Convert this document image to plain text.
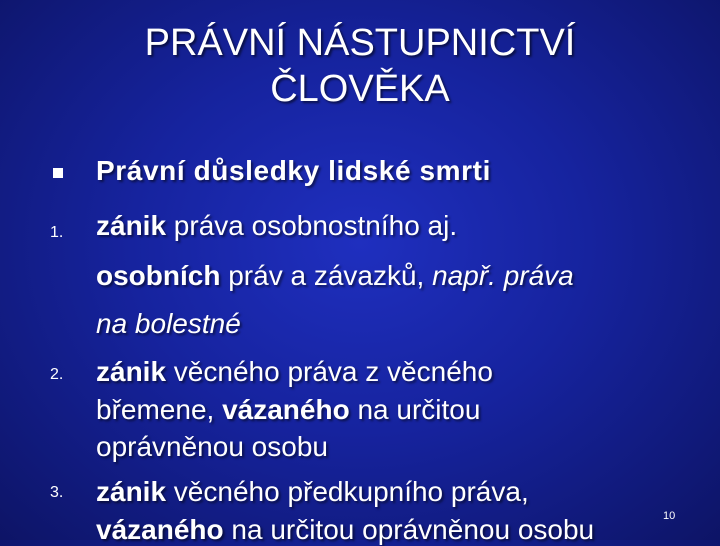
PRÁVNÍ NÁSTUPNICTVÍ
ČLOVĚKA
Právní důsledky lidské smrti
1. zánik práva osobnostního aj.
osobních práv a závazků, např. práva
na bolestné
2. zánik věcného práva z věcného
břemene, vázaného na určitou
oprávněnou osobu
3. zánik věcného předkupního práva,
vázaného na určitou oprávněnou osobu	10
